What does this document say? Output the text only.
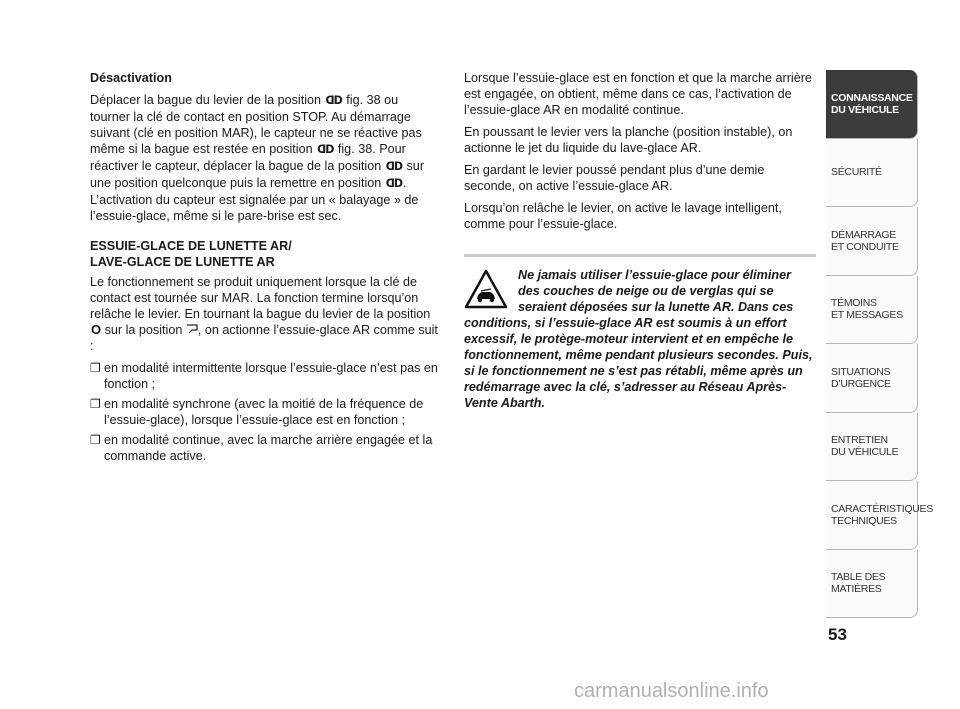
Désactivation

Déplacer la bague du levier de la position ᗡᗞ fig. 38 ou tourner la clé de contact en position STOP. Au démarrage suivant (clé en position MAR), le capteur ne se réactive pas même si la bague est restée en position ᗡᗞ fig. 38. Pour réactiver le capteur, déplacer la bague de la position ᗡᗞ sur une position quelconque puis la remettre en position ᗡᗞ. L’activation du capteur est signalée par un « balayage » de l’essuie-glace, même si le pare-brise est sec.

ESSUIE-GLACE DE LUNETTE AR/
LAVE-GLACE DE LUNETTE AR

Le fonctionnement se produit uniquement lorsque la clé de contact est tournée sur MAR. La fonction termine lorsqu’on relâche le levier. En tournant la bague du levier de la position O sur la position , on actionne l’essuie-glace AR comme suit :

❐ en modalité intermittente lorsque l’essuie-glace n’est pas en fonction ;
❐ en modalité synchrone (avec la moitié de la fréquence de l’essuie-glace), lorsque l’essuie-glace est en fonction ;
❐ en modalité continue, avec la marche arrière engagée et la commande active.

Lorsque l’essuie-glace est en fonction et que la marche arrière est engagée, on obtient, même dans ce cas, l’activation de l’essuie-glace AR en modalité continue.

En poussant le levier vers la planche (position instable), on actionne le jet du liquide du lave-glace AR.

En gardant le levier poussé pendant plus d’une demie seconde, on active l’essuie-glace AR.

Lorsqu’on relâche le levier, on active le lavage intelligent, comme pour l’essuie-glace.

Ne jamais utiliser l’essuie-glace pour éliminer des couches de neige ou de verglas qui se seraient déposées sur la lunette AR. Dans ces conditions, si l’essuie-glace AR est soumis à un effort excessif, le protège-moteur intervient et en empêche le fonctionnement, même pendant plusieurs secondes. Puis, si le fonctionnement ne s’est pas rétabli, même après un redémarrage avec la clé, s’adresser au Réseau Après-Vente Abarth.
CONNAISSANCE
DU VÉHICULE
SÉCURITÉ
DÉMARRAGE
ET CONDUITE
TÉMOINS
ET MESSAGES
SITUATIONS
D’URGENCE
ENTRETIEN
DU VÉHICULE
CARACTÉRISTIQUES
TECHNIQUES
TABLE DES
MATIÈRES
53
carmanualsonline.info
